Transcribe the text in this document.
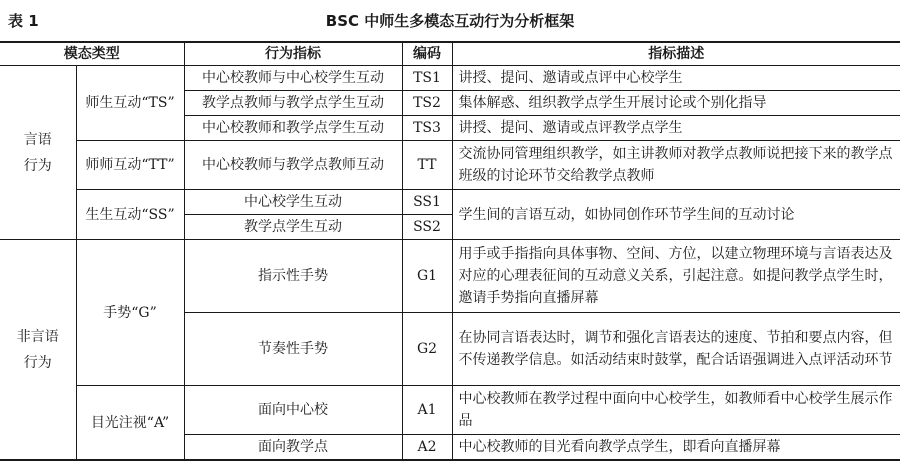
表 1	BSC 中师生多模态互动行为分析框架
模态类型		行为指标	编码	指标描述
言语行为	师生互动“TS”	中心校教师与中心校学生互动	TS1	讲授、提问、邀请或点评中心校学生
		教学点教师与教学点学生互动	TS2	集体解惑、组织教学点学生开展讨论或个别化指导
		中心校教师和教学点学生互动	TS3	讲授、提问、邀请或点评教学点学生
	师师互动“TT”	中心校教师与教学点教师互动	TT	交流协同管理组织教学，如主讲教师对教学点教师说把接下来的教学点班级的讨论环节交给教学点教师
	生生互动“SS”	中心校学生互动	SS1	学生间的言语互动，如协同创作环节学生间的互动讨论
		教学点学生互动	SS2	
非言语行为	手势“G”	指示性手势	G1	用手或手指指向具体事物、空间、方位，以建立物理环境与言语表达及对应的心理表征间的互动意义关系，引起注意。如提问教学点学生时，邀请手势指向直播屏幕
		节奏性手势	G2	在协同言语表达时，调节和强化言语表达的速度、节拍和要点内容，但不传递教学信息。如活动结束时鼓掌，配合话语强调进入点评活动环节
	目光注视“A”	面向中心校	A1	中心校教师在教学过程中面向中心校学生，如教师看中心校学生展示作品
		面向教学点	A2	中心校教师的目光看向教学点学生，即看向直播屏幕
